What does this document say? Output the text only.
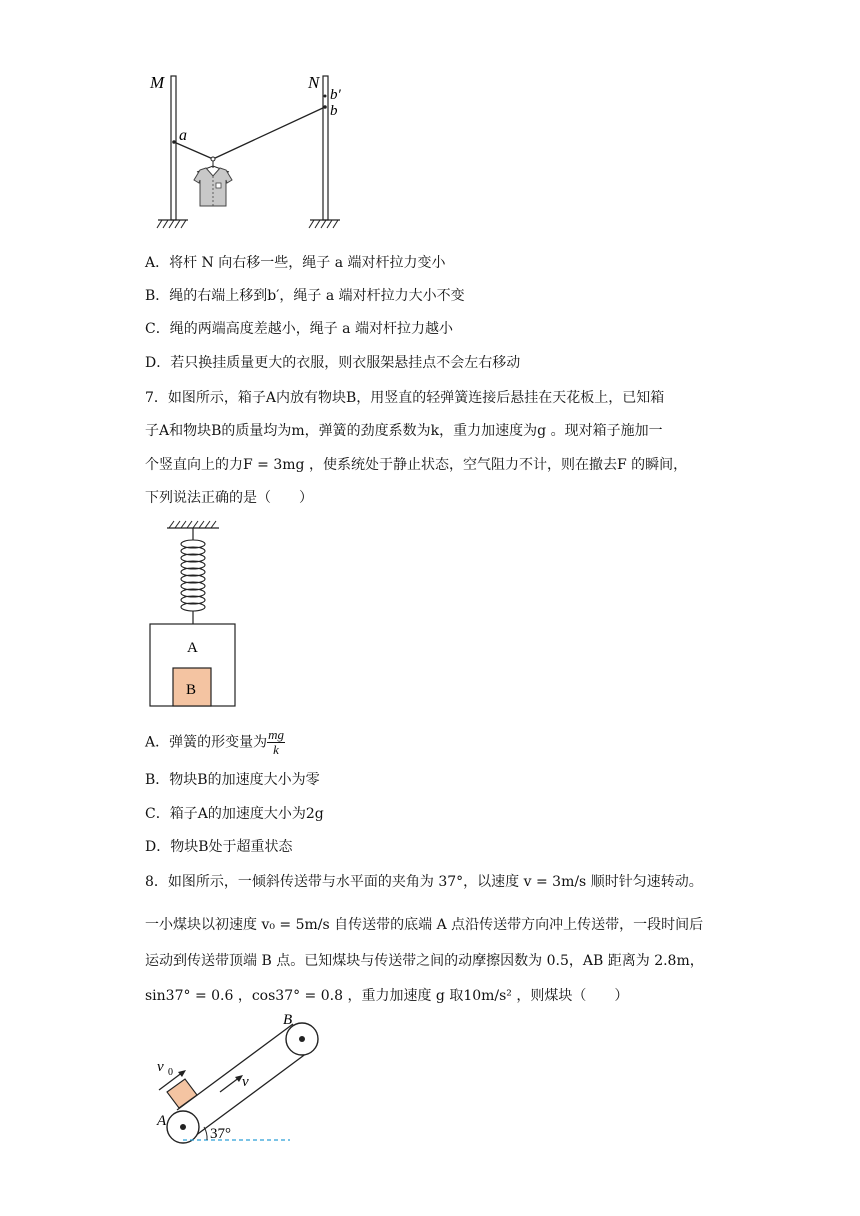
M	N
a
b′
b
A．将杆 N 向右移一些，绳子 a 端对杆拉力变小
B．绳的右端上移到b′，绳子 a 端对杆拉力大小不变
C．绳的两端高度差越小，绳子 a 端对杆拉力越小
D．若只换挂质量更大的衣服，则衣服架悬挂点不会左右移动
7．如图所示，箱子A内放有物块B，用竖直的轻弹簧连接后悬挂在天花板上，已知箱
子A和物块B的质量均为m，弹簧的劲度系数为k，重力加速度为g 。现对箱子施加一
个竖直向上的力F = 3mg ，使系统处于静止状态，空气阻力不计，则在撤去F 的瞬间，
下列说法正确的是（　　）
A
B
A．弹簧的形变量为 $\frac{mg}{k}$
B．物块B的加速度大小为零
C．箱子A的加速度大小为2g
D．物块B处于超重状态
8．如图所示，一倾斜传送带与水平面的夹角为 37°，以速度 v = 3m/s 顺时针匀速转动。
一小煤块以初速度 v₀ = 5m/s 自传送带的底端 A 点沿传送带方向冲上传送带，一段时间后
运动到传送带顶端 B 点。已知煤块与传送带之间的动摩擦因数为 0.5，AB 距离为 2.8m，
sin37° = 0.6 ，cos37° = 0.8 ，重力加速度 g 取10m/s² ，则煤块（　　）
B
A
v
v 0
37°
